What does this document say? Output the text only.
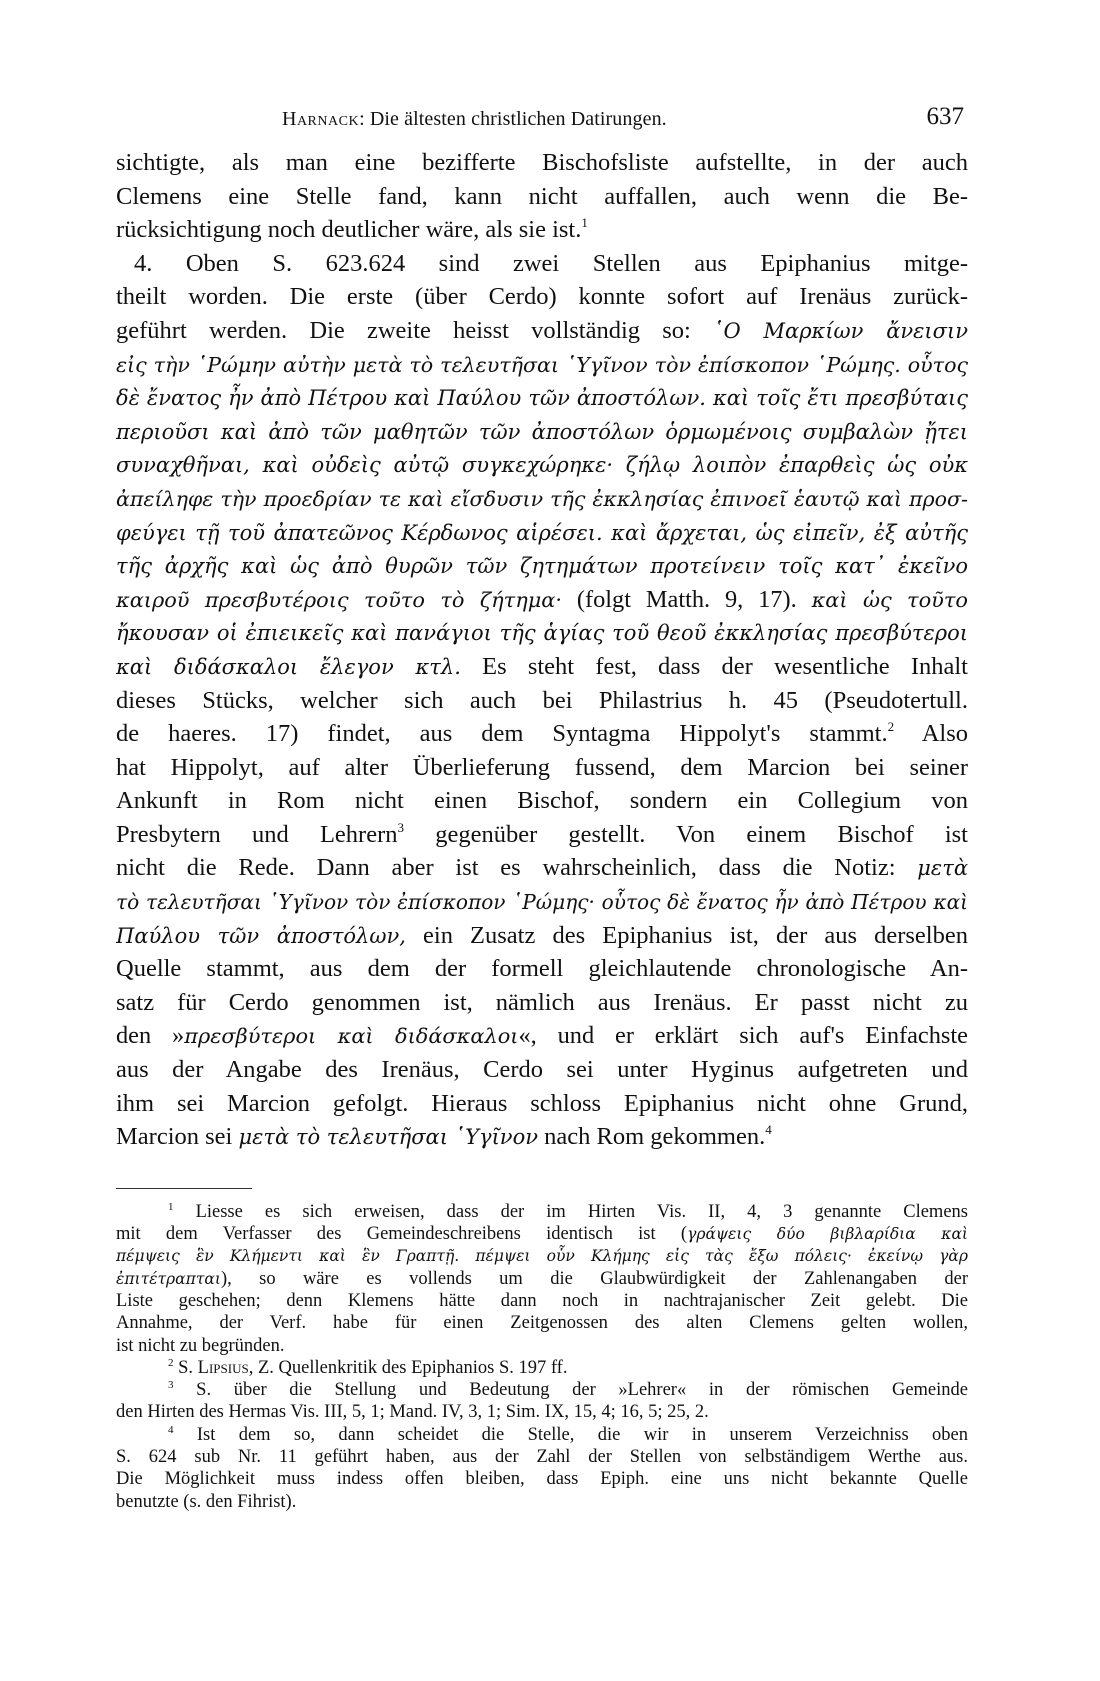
Harnack: Die ältesten christlichen Datirungen.	637
sichtigte, als man eine bezifferte Bischofsliste aufstellte, in der auch
Clemens eine Stelle fand, kann nicht auffallen, auch wenn die Be-
rücksichtigung noch deutlicher wäre, als sie ist.$^1$
4. Oben S. 623.624 sind zwei Stellen aus Epiphanius mitge-
theilt worden. Die erste (über Cerdo) konnte sofort auf Irenäus zurück-
geführt werden. Die zweite heisst vollständig so: ῾Ο Μαρκίων ἄνεισιν
εἰς τὴν ῾Ρώμην αὐτὴν μετὰ τὸ τελευτῆσαι ῾Υγῖνον τὸν ἐπίσκοπον ῾Ρώμης. οὗτος
δὲ ἔνατος ἦν ἀπὸ Πέτρου καὶ Παύλου τῶν ἀποστόλων. καὶ τοῖς ἔτι πρεσβύταις
περιοῦσι καὶ ἀπὸ τῶν μαθητῶν τῶν ἀποστόλων ὁρμωμένοις συμβαλὼν ᾔτει
συναχθῆναι, καὶ οὐδεὶς αὐτῷ συγκεχώρηκε· ζήλῳ λοιπὸν ἐπαρθεὶς ὡς οὐκ
ἀπείληφε τὴν προεδρίαν τε καὶ εἴσδυσιν τῆς ἐκκλησίας ἐπινοεῖ ἑαυτῷ καὶ προσ-
φεύγει τῇ τοῦ ἀπατεῶνος Κέρδωνος αἱρέσει. καὶ ἄρχεται, ὡς εἰπεῖν, ἐξ αὐτῆς
τῆς ἀρχῆς καὶ ὡς ἀπὸ θυρῶν τῶν ζητημάτων προτείνειν τοῖς κατ᾽ ἐκεῖνο
καιροῦ πρεσβυτέροις τοῦτο τὸ ζήτημα· (folgt Matth. 9, 17). καὶ ὡς τοῦτο
ἤκουσαν οἱ ἐπιεικεῖς καὶ πανάγιοι τῆς ἁγίας τοῦ θεοῦ ἐκκλησίας πρεσβύτεροι
καὶ διδάσκαλοι ἔλεγον κτλ. Es steht fest, dass der wesentliche Inhalt
dieses Stücks, welcher sich auch bei Philastrius h. 45 (Pseudotertull.
de haeres. 17) findet, aus dem Syntagma Hippolyt's stammt.$^2$ Also
hat Hippolyt, auf alter Überlieferung fussend, dem Marcion bei seiner
Ankunft in Rom nicht einen Bischof, sondern ein Collegium von
Presbytern und Lehrern$^3$ gegenüber gestellt. Von einem Bischof ist
nicht die Rede. Dann aber ist es wahrscheinlich, dass die Notiz: μετὰ
τὸ τελευτῆσαι ῾Υγῖνον τὸν ἐπίσκοπον ῾Ρώμης· οὗτος δὲ ἔνατος ἦν ἀπὸ Πέτρου καὶ
Παύλου τῶν ἀποστόλων, ein Zusatz des Epiphanius ist, der aus derselben
Quelle stammt, aus dem der formell gleichlautende chronologische An-
satz für Cerdo genommen ist, nämlich aus Irenäus. Er passt nicht zu
den »πρεσβύτεροι καὶ διδάσκαλοι«, und er erklärt sich auf's Einfachste
aus der Angabe des Irenäus, Cerdo sei unter Hyginus aufgetreten und
ihm sei Marcion gefolgt. Hieraus schloss Epiphanius nicht ohne Grund,
Marcion sei μετὰ τὸ τελευτῆσαι ῾Υγῖνον nach Rom gekommen.$^4$
$^1$ Liesse es sich erweisen, dass der im Hirten Vis. II, 4, 3 genannte Clemens
mit dem Verfasser des Gemeindeschreibens identisch ist (γράψεις δύο βιβλαρίδια καὶ
πέμψεις ἓν Κλήμεντι καὶ ἓν Γραπτῇ. πέμψει οὖν Κλήμης εἰς τὰς ἔξω πόλεις· ἐκείνῳ γὰρ
ἐπιτέτραπται), so wäre es vollends um die Glaubwürdigkeit der Zahlenangaben der
Liste geschehen; denn Klemens hätte dann noch in nachtrajanischer Zeit gelebt. Die
Annahme, der Verf. habe für einen Zeitgenossen des alten Clemens gelten wollen,
ist nicht zu begründen.
$^2$ S. Lipsius, Z. Quellenkritik des Epiphanios S. 197 ff.
$^3$ S. über die Stellung und Bedeutung der »Lehrer« in der römischen Gemeinde
den Hirten des Hermas Vis. III, 5, 1; Mand. IV, 3, 1; Sim. IX, 15, 4; 16, 5; 25, 2.
$^4$ Ist dem so, dann scheidet die Stelle, die wir in unserem Verzeichniss oben
S. 624 sub Nr. 11 geführt haben, aus der Zahl der Stellen von selbständigem Werthe aus.
Die Möglichkeit muss indess offen bleiben, dass Epiph. eine uns nicht bekannte Quelle
benutzte (s. den Fihrist).
